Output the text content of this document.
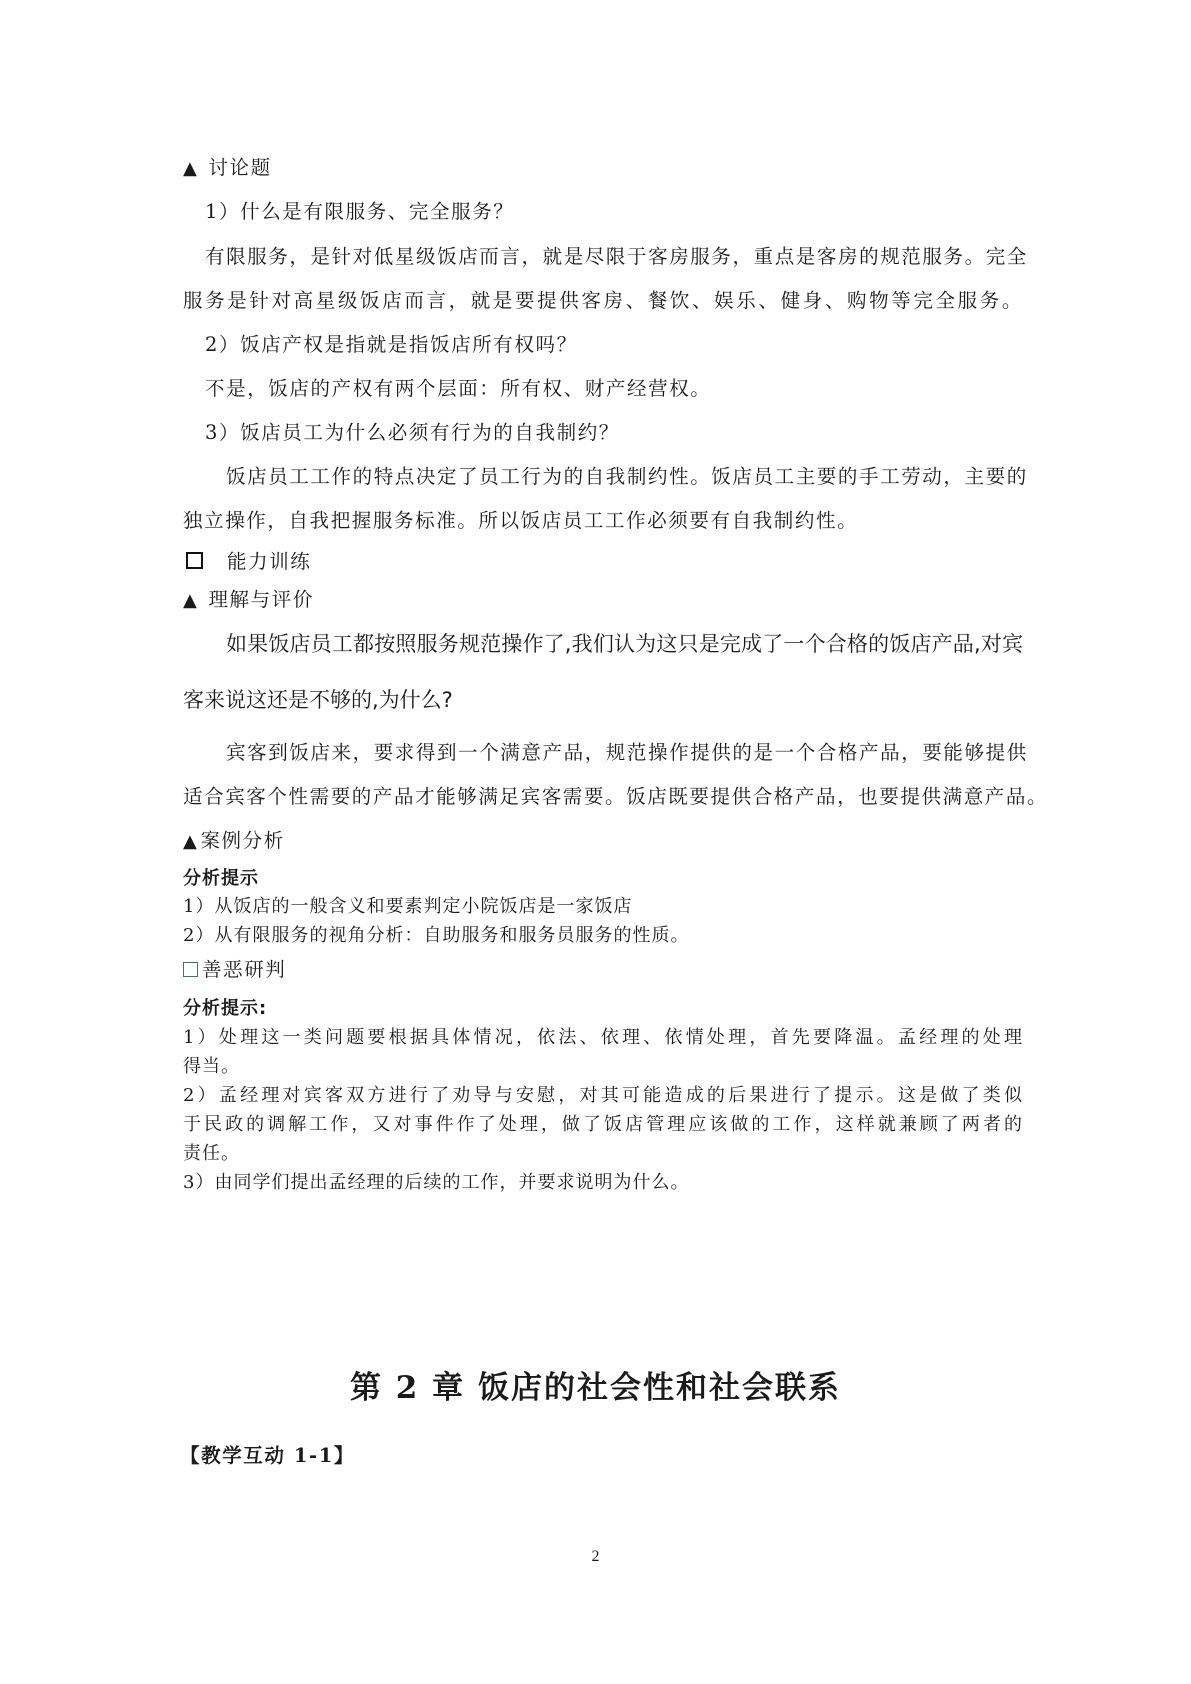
▲ 讨论题
1）什么是有限服务、完全服务？
有限服务，是针对低星级饭店而言，就是尽限于客房服务，重点是客房的规范服务。完全
服务是针对高星级饭店而言，就是要提供客房、餐饮、娱乐、健身、购物等完全服务。
2）饭店产权是指就是指饭店所有权吗？
不是，饭店的产权有两个层面：所有权、财产经营权。
3）饭店员工为什么必须有行为的自我制约？
饭店员工工作的特点决定了员工行为的自我制约性。饭店员工主要的手工劳动，主要的
独立操作，自我把握服务标准。所以饭店员工工作必须要有自我制约性。
能力训练
▲ 理解与评价
如果饭店员工都按照服务规范操作了,我们认为这只是完成了一个合格的饭店产品,对宾
客来说这还是不够的,为什么?
宾客到饭店来，要求得到一个满意产品，规范操作提供的是一个合格产品，要能够提供
适合宾客个性需要的产品才能够满足宾客需要。饭店既要提供合格产品，也要提供满意产品。
▲ 案例分析
分析提示
1）从饭店的一般含义和要素判定小院饭店是一家饭店
2）从有限服务的视角分析：自助服务和服务员服务的性质。
善恶研判
分析提示:
1）处理这一类问题要根据具体情况，依法、依理、依情处理，首先要降温。孟经理的处理
得当。
2）孟经理对宾客双方进行了劝导与安慰，对其可能造成的后果进行了提示。这是做了类似
于民政的调解工作，又对事件作了处理，做了饭店管理应该做的工作，这样就兼顾了两者的
责任。
3）由同学们提出孟经理的后续的工作，并要求说明为什么。
第 2 章 饭店的社会性和社会联系
【教学互动 1-1】
2
